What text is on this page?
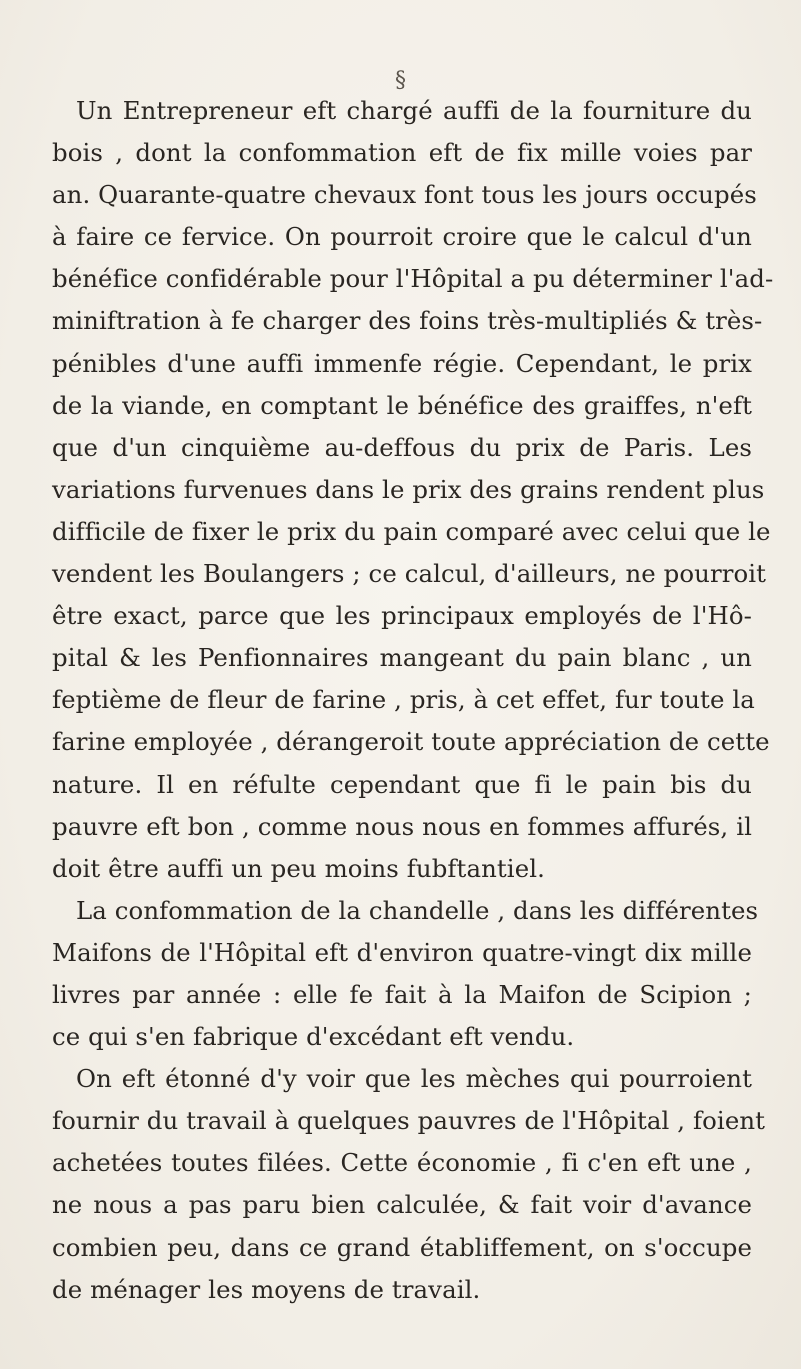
§
Un Entrepreneur eft chargé auffi de la fourniture du
bois , dont la confommation eft de fix mille voies par
an. Quarante-quatre chevaux font tous les jours occupés
à faire ce fervice. On pourroit croire que le calcul d'un
bénéfice confidérable pour l'Hôpital a pu déterminer l'ad-
miniftration à fe charger des foins très-multipliés & très-
pénibles d'une auffi immenfe régie. Cependant, le prix
de la viande, en comptant le bénéfice des graiffes, n'eft
que d'un cinquième au-deffous du prix de Paris. Les
variations furvenues dans le prix des grains rendent plus
difficile de fixer le prix du pain comparé avec celui que le
vendent les Boulangers ; ce calcul, d'ailleurs, ne pourroit
être exact, parce que les principaux employés de l'Hô-
pital & les Penfionnaires mangeant du pain blanc , un
feptième de fleur de farine , pris, à cet effet, fur toute la
farine employée , dérangeroit toute appréciation de cette
nature. Il en réfulte cependant que fi le pain bis du
pauvre eft bon , comme nous nous en fommes affurés, il
doit être auffi un peu moins fubftantiel.
La confommation de la chandelle , dans les différentes
Maifons de l'Hôpital eft d'environ quatre-vingt dix mille
livres par année : elle fe fait à la Maifon de Scipion ;
ce qui s'en fabrique d'excédant eft vendu.
On eft étonné d'y voir que les mèches qui pourroient
fournir du travail à quelques pauvres de l'Hôpital , foient
achetées toutes filées. Cette économie , fi c'en eft une ,
ne nous a pas paru bien calculée, & fait voir d'avance
combien peu, dans ce grand établiffement, on s'occupe
de ménager les moyens de travail.
